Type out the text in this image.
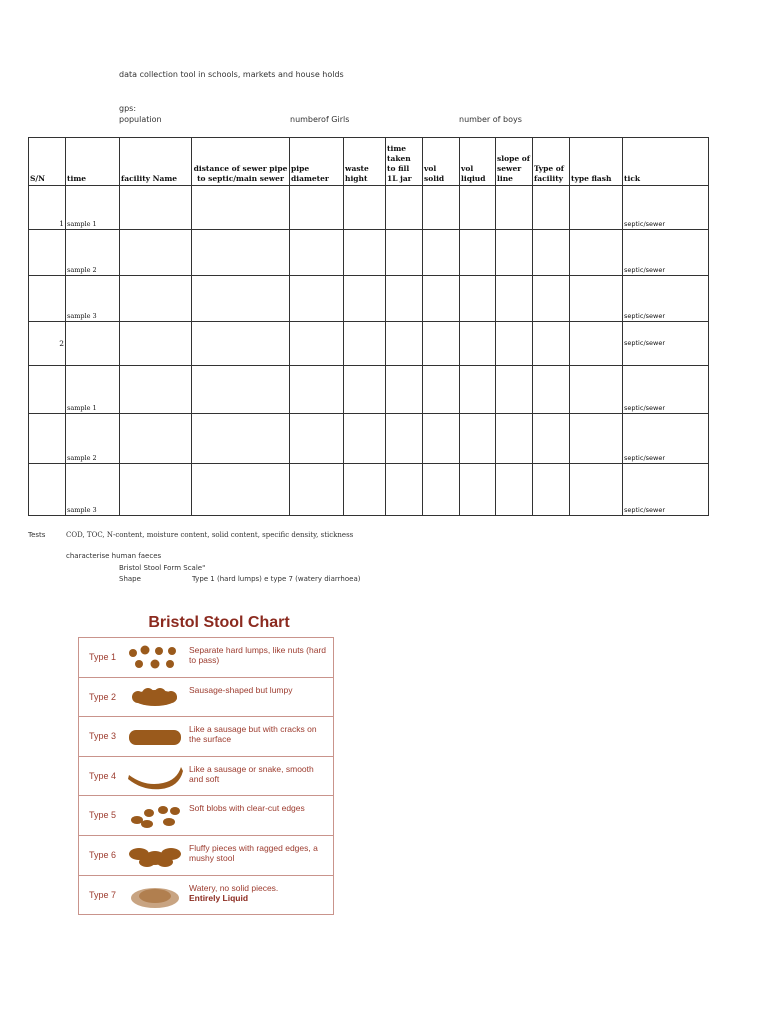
data collection tool in schools, markets and house holds
gps:
population	numberof Girls	number of boys
S/N	time	facility Name	distance of sewer pipe to septic/main sewer	pipe diameter	waste hight	time taken to fill 1L jar	vol solid	vol liqiud	slope of sewer line	Type of facility	type flash	tick
1	sample 1											septic/sewer
	sample 2											septic/sewer
	sample 3											septic/sewer
2												septic/sewer
	sample 1											septic/sewer
	sample 2											septic/sewer
	sample 3											septic/sewer
Tests	COD, TOC, N-content, moisture content, solid content, specific density, stickness
characterise human faeces
Bristol Stool Form Scale"
Shape	Type 1 (hard lumps) e type 7 (watery diarrhoea)
Bristol Stool Chart
Type 1
Separate hard lumps, like nuts (hard to pass)
Type 2
Sausage-shaped but lumpy
Type 3
Like a sausage but with cracks on the surface
Type 4
Like a sausage or snake, smooth and soft
Type 5
Soft blobs with clear-cut edges
Type 6
Fluffy pieces with ragged edges, a mushy stool
Type 7
Watery, no solid pieces.
Entirely Liquid
